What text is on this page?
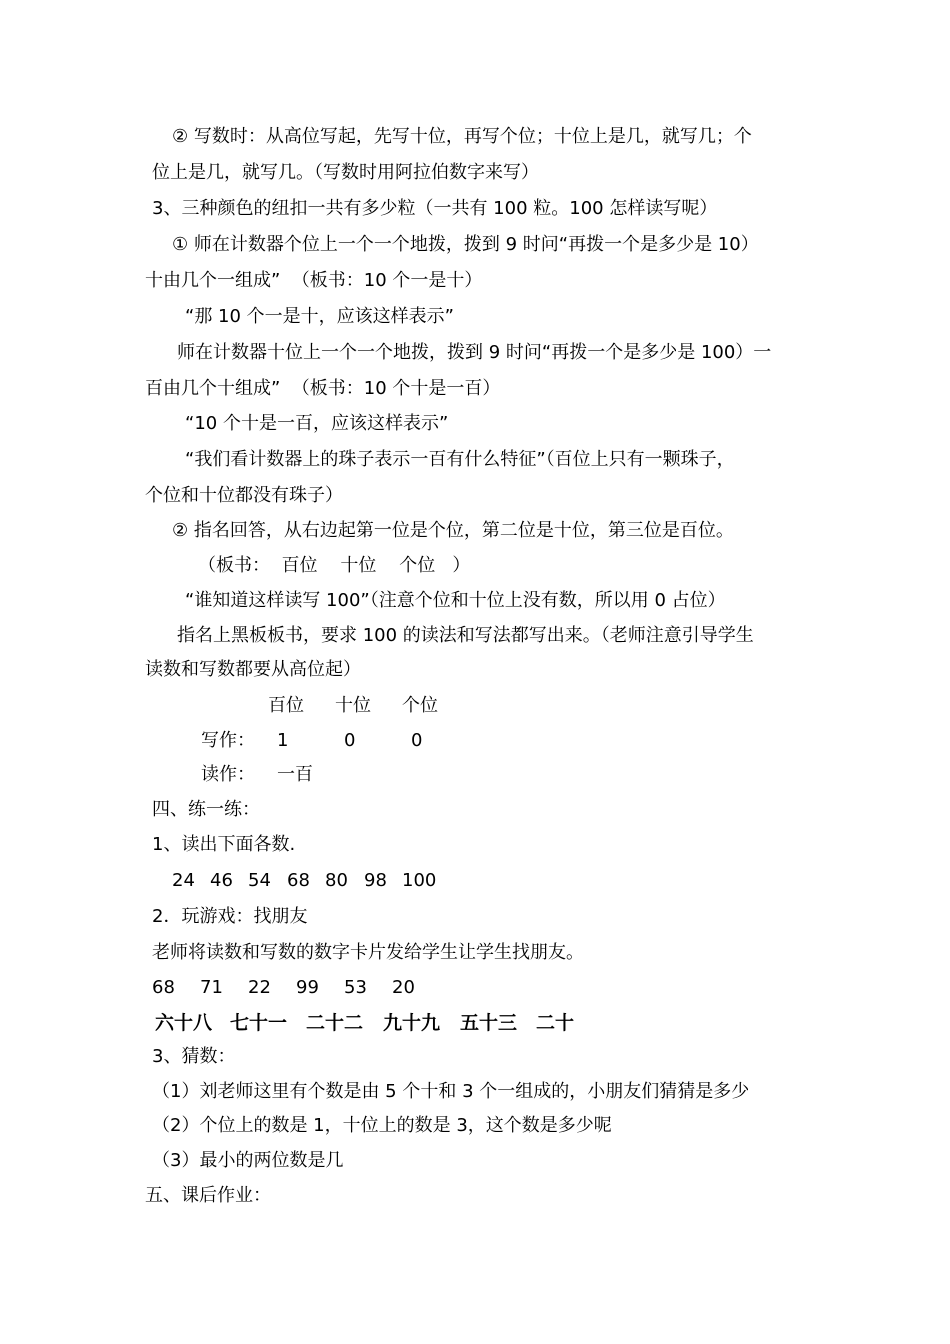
② 写数时：从高位写起，先写十位，再写个位；十位上是几，就写几；个
位上是几，就写几。（写数时用阿拉伯数字来写）
3、三种颜色的纽扣一共有多少粒（一共有 100 粒。100 怎样读写呢）
① 师在计数器个位上一个一个地拨，拨到 9 时问“再拨一个是多少是 10）
十由几个一组成”  （板书：10 个一是十）
“那 10 个一是十，应该这样表示”
师在计数器十位上一个一个地拨，拨到 9 时问“再拨一个是多少是 100）一
百由几个十组成”  （板书：10 个十是一百）
“10 个十是一百，应该这样表示”
“我们看计数器上的珠子表示一百有什么特征”（百位上只有一颗珠子，
个位和十位都没有珠子）
② 指名回答，从右边起第一位是个位，第二位是十位，第三位是百位。
（板书：  百位    十位    个位   ）
“谁知道这样读写 100”（注意个位和十位上没有数，所以用 0 占位）
指名上黑板板书，要求 100 的读法和写法都写出来。（老师注意引导学生
读数和写数都要从高位起）
百位 十位 个位
写作： 1	0	0
读作： 一百
四、练一练：
1、读出下面各数.
24 46 54 68 80 98 100
2．玩游戏：找朋友
老师将读数和写数的数字卡片发给学生让学生找朋友。
68 71 22 99 53 20
六十八 七十一 二十二 九十九 五十三 二十
3、猜数：
（1）刘老师这里有个数是由 5 个十和 3 个一组成的，小朋友们猜猜是多少
（2）个位上的数是 1，十位上的数是 3，这个数是多少呢
（3）最小的两位数是几
五、课后作业：
